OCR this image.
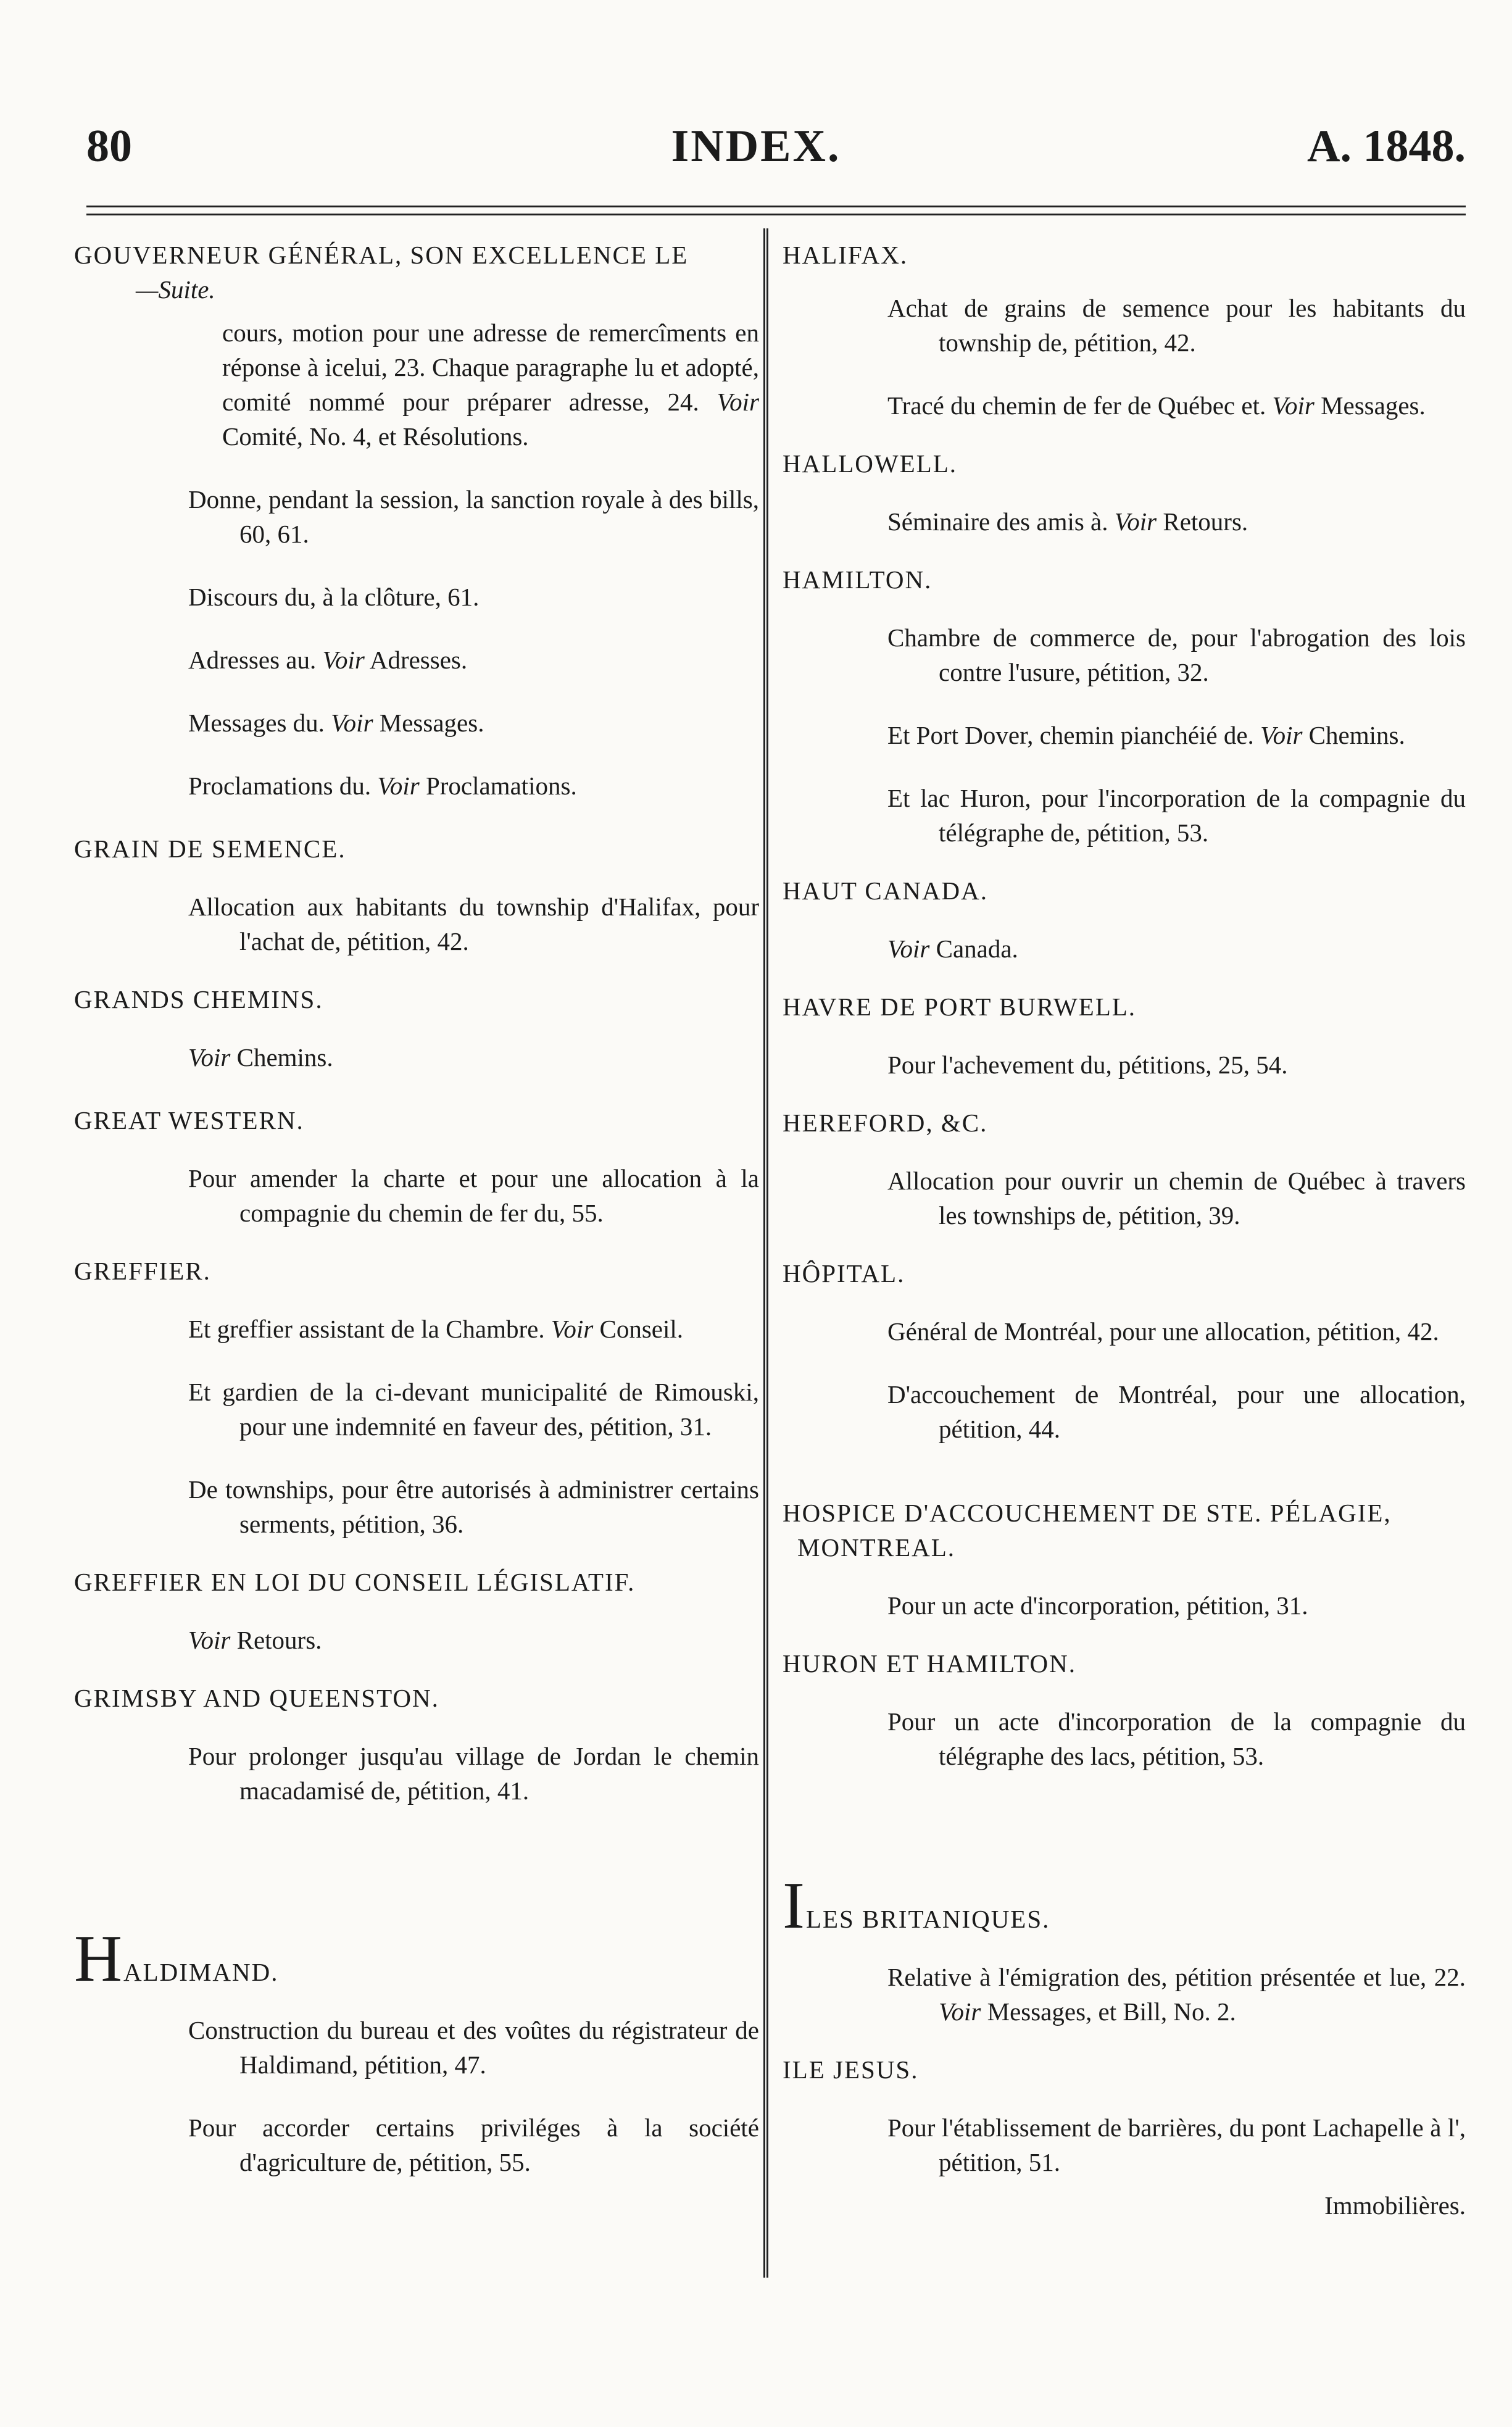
80	INDEX.	A. 1848.
GOUVERNEUR GÉNÉRAL, SON EXCELLENCE LE
—Suite.
cours, motion pour une adresse de remercîments en réponse à icelui, 23. Chaque paragraphe lu et adopté, comité nommé pour préparer adresse, 24. Voir Comité, No. 4, et Résolutions.
Donne, pendant la session, la sanction royale à des bills, 60, 61.
Discours du, à la clôture, 61.
Adresses au. Voir Adresses.
Messages du. Voir Messages.
Proclamations du. Voir Proclamations.
GRAIN DE SEMENCE.
Allocation aux habitants du township d'Halifax, pour l'achat de, pétition, 42.
GRANDS CHEMINS.
Voir Chemins.
GREAT WESTERN.
Pour amender la charte et pour une allocation à la compagnie du chemin de fer du, 55.
GREFFIER.
Et greffier assistant de la Chambre. Voir Conseil.
Et gardien de la ci-devant municipalité de Rimouski, pour une indemnité en faveur des, pétition, 31.
De townships, pour être autorisés à administrer certains serments, pétition, 36.
GREFFIER EN LOI DU CONSEIL LÉGISLATIF.
Voir Retours.
GRIMSBY AND QUEENSTON.
Pour prolonger jusqu'au village de Jordan le chemin macadamisé de, pétition, 41.
HALDIMAND.
Construction du bureau et des voûtes du régistrateur de Haldimand, pétition, 47.
Pour accorder certains priviléges à la société d'agriculture de, pétition, 55.
HALIFAX.
Achat de grains de semence pour les habitants du township de, pétition, 42.
Tracé du chemin de fer de Québec et. Voir Messages.
HALLOWELL.
Séminaire des amis à. Voir Retours.
HAMILTON.
Chambre de commerce de, pour l'abrogation des lois contre l'usure, pétition, 32.
Et Port Dover, chemin pianchéié de. Voir Chemins.
Et lac Huron, pour l'incorporation de la compagnie du télégraphe de, pétition, 53.
HAUT CANADA.
Voir Canada.
HAVRE DE PORT BURWELL.
Pour l'achevement du, pétitions, 25, 54.
HEREFORD, &C.
Allocation pour ouvrir un chemin de Québec à travers les townships de, pétition, 39.
HÔPITAL.
Général de Montréal, pour une allocation, pétition, 42.
D'accouchement de Montréal, pour une allocation, pétition, 44.
HOSPICE D'ACCOUCHEMENT DE STE. PÉLAGIE, MONTREAL.
Pour un acte d'incorporation, pétition, 31.
HURON ET HAMILTON.
Pour un acte d'incorporation de la compagnie du télégraphe des lacs, pétition, 53.
ILES BRITANIQUES.
Relative à l'émigration des, pétition présentée et lue, 22. Voir Messages, et Bill, No. 2.
ILE JESUS.
Pour l'établissement de barrières, du pont Lachapelle à l', pétition, 51.
Immobilières.
